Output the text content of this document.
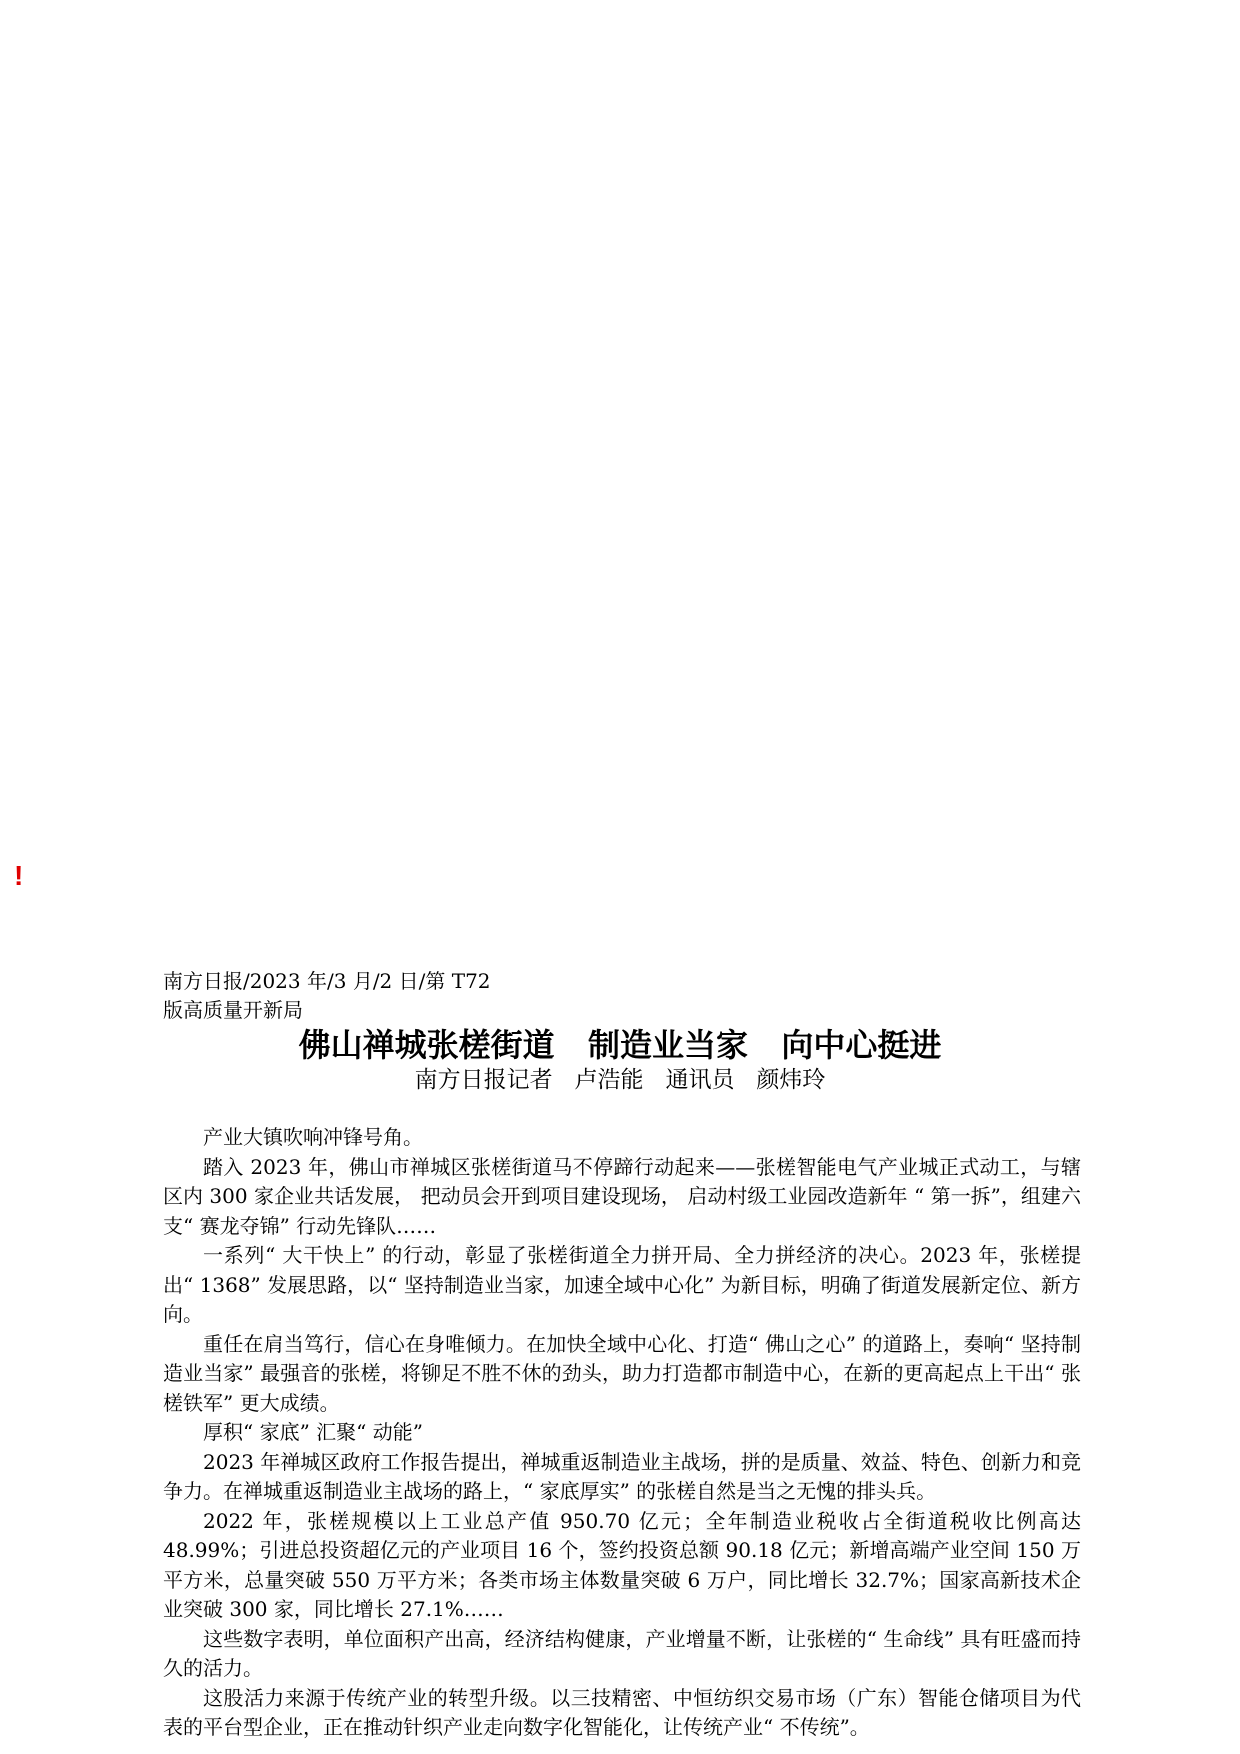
!
南方日报/2023 年/3 月/2 日/第 T72
版高质量开新局
佛山禅城张槎街道   制造业当家   向中心挺进
南方日报记者   卢浩能   通讯员   颜炜玲

产业大镇吹响冲锋号角。

踏入 2023 年，佛山市禅城区张槎街道马不停蹄行动起来——张槎智能电气产业城正式动工，与辖区内 300 家企业共话发展， 把动员会开到项目建设现场， 启动村级工业园改造新年 “ 第一拆”，组建六支“ 赛龙夺锦” 行动先锋队……

一系列“ 大干快上” 的行动，彰显了张槎街道全力拼开局、全力拼经济的决心。2023 年，张槎提出“ 1368” 发展思路，以“ 坚持制造业当家，加速全域中心化” 为新目标，明确了街道发展新定位、新方向。

重任在肩当笃行，信心在身唯倾力。在加快全域中心化、打造“ 佛山之心” 的道路上，奏响“ 坚持制造业当家” 最强音的张槎，将铆足不胜不休的劲头，助力打造都市制造中心，在新的更高起点上干出“ 张槎铁军” 更大成绩。

厚积“ 家底” 汇聚“ 动能”

2023 年禅城区政府工作报告提出，禅城重返制造业主战场，拼的是质量、效益、特色、创新力和竞争力。在禅城重返制造业主战场的路上，“ 家底厚实” 的张槎自然是当之无愧的排头兵。

2022 年，张槎规模以上工业总产值 950.70 亿元；全年制造业税收占全街道税收比例高达 48.99%；引进总投资超亿元的产业项目 16 个，签约投资总额 90.18 亿元；新增高端产业空间 150 万平方米，总量突破 550 万平方米；各类市场主体数量突破 6 万户，同比增长 32.7%；国家高新技术企业突破 300 家，同比增长 27.1%……

这些数字表明，单位面积产出高，经济结构健康，产业增量不断，让张槎的“ 生命线” 具有旺盛而持久的活力。

这股活力来源于传统产业的转型升级。以三技精密、中恒纺织交易市场（广东）智能仓储项目为代表的平台型企业，正在推动针织产业走向数字化智能化，让传统产业“ 不传统”。
